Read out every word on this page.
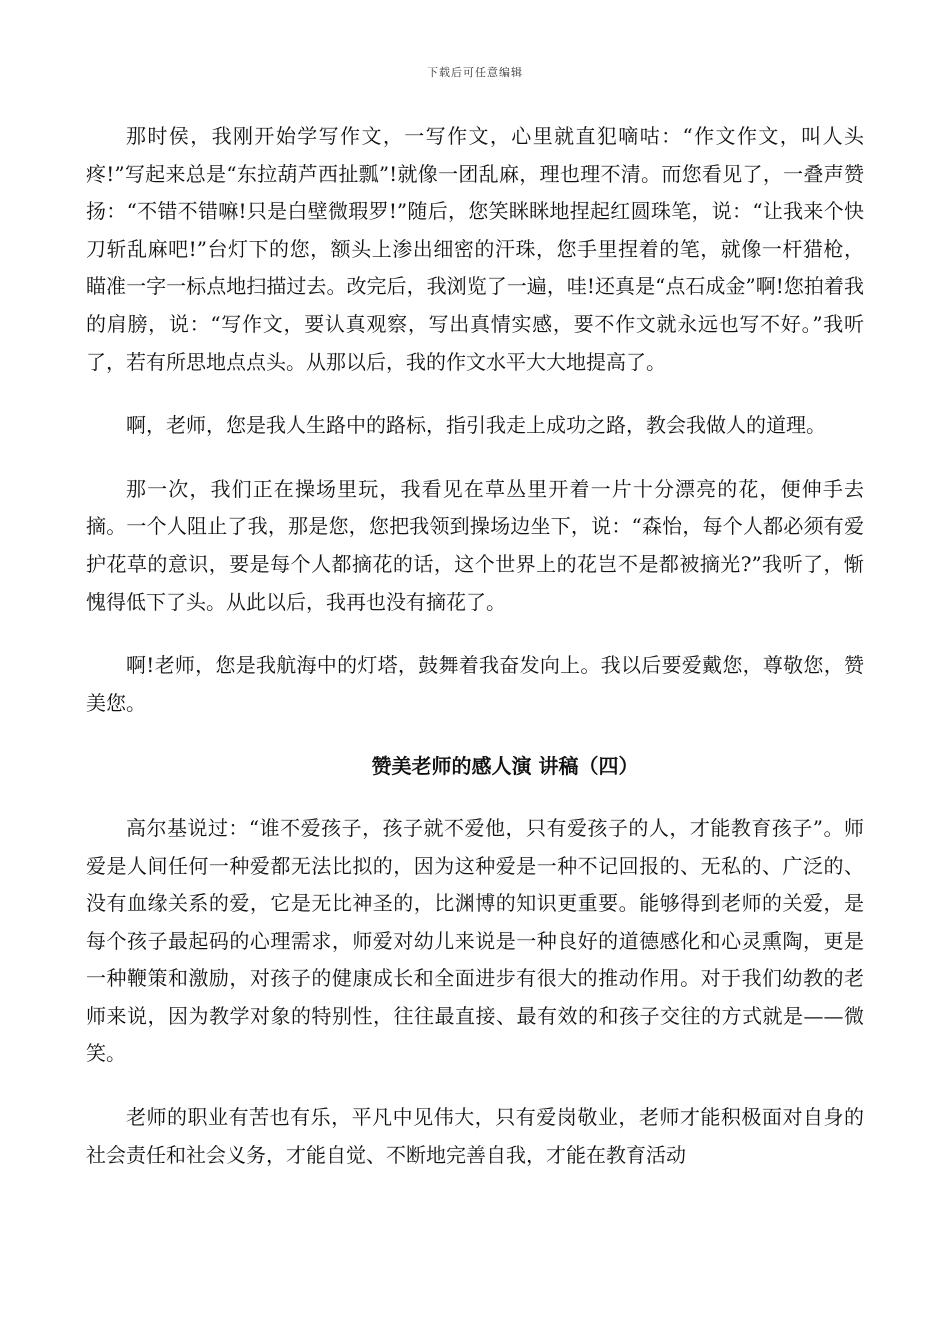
下载后可任意编辑

那时侯，我刚开始学写作文，一写作文，心里就直犯嘀咕：“作文作文，叫人头疼!”写起来总是“东拉葫芦西扯瓢”!就像一团乱麻，理也理不清。而您看见了，一叠声赞扬：“不错不错嘛!只是白壁微瑕罗!”随后，您笑眯眯地捏起红圆珠笔，说：“让我来个快刀斩乱麻吧!”台灯下的您，额头上渗出细密的汗珠，您手里捏着的笔，就像一杆猎枪，瞄准一字一标点地扫描过去。改完后，我浏览了一遍，哇!还真是“点石成金”啊!您拍着我的肩膀，说：“写作文，要认真观察，写出真情实感，要不作文就永远也写不好。”我听了，若有所思地点点头。从那以后，我的作文水平大大地提高了。

啊，老师，您是我人生路中的路标，指引我走上成功之路，教会我做人的道理。

那一次，我们正在操场里玩，我看见在草丛里开着一片十分漂亮的花，便伸手去摘。一个人阻止了我，那是您，您把我领到操场边坐下，说：“森怡，每个人都必须有爱护花草的意识，要是每个人都摘花的话，这个世界上的花岂不是都被摘光?”我听了，惭愧得低下了头。从此以后，我再也没有摘花了。

啊!老师，您是我航海中的灯塔，鼓舞着我奋发向上。我以后要爱戴您，尊敬您，赞美您。

赞美老师的感人演 讲稿（四）

高尔基说过：“谁不爱孩子，孩子就不爱他，只有爱孩子的人，才能教育孩子”。师爱是人间任何一种爱都无法比拟的，因为这种爱是一种不记回报的、无私的、广泛的、没有血缘关系的爱，它是无比神圣的，比渊博的知识更重要。能够得到老师的关爱，是每个孩子最起码的心理需求，师爱对幼儿来说是一种良好的道德感化和心灵熏陶，更是一种鞭策和激励，对孩子的健康成长和全面进步有很大的推动作用。对于我们幼教的老师来说，因为教学对象的特别性，往往最直接、最有效的和孩子交往的方式就是——微笑。

老师的职业有苦也有乐，平凡中见伟大，只有爱岗敬业，老师才能积极面对自身的社会责任和社会义务，才能自觉、不断地完善自我，才能在教育活动
